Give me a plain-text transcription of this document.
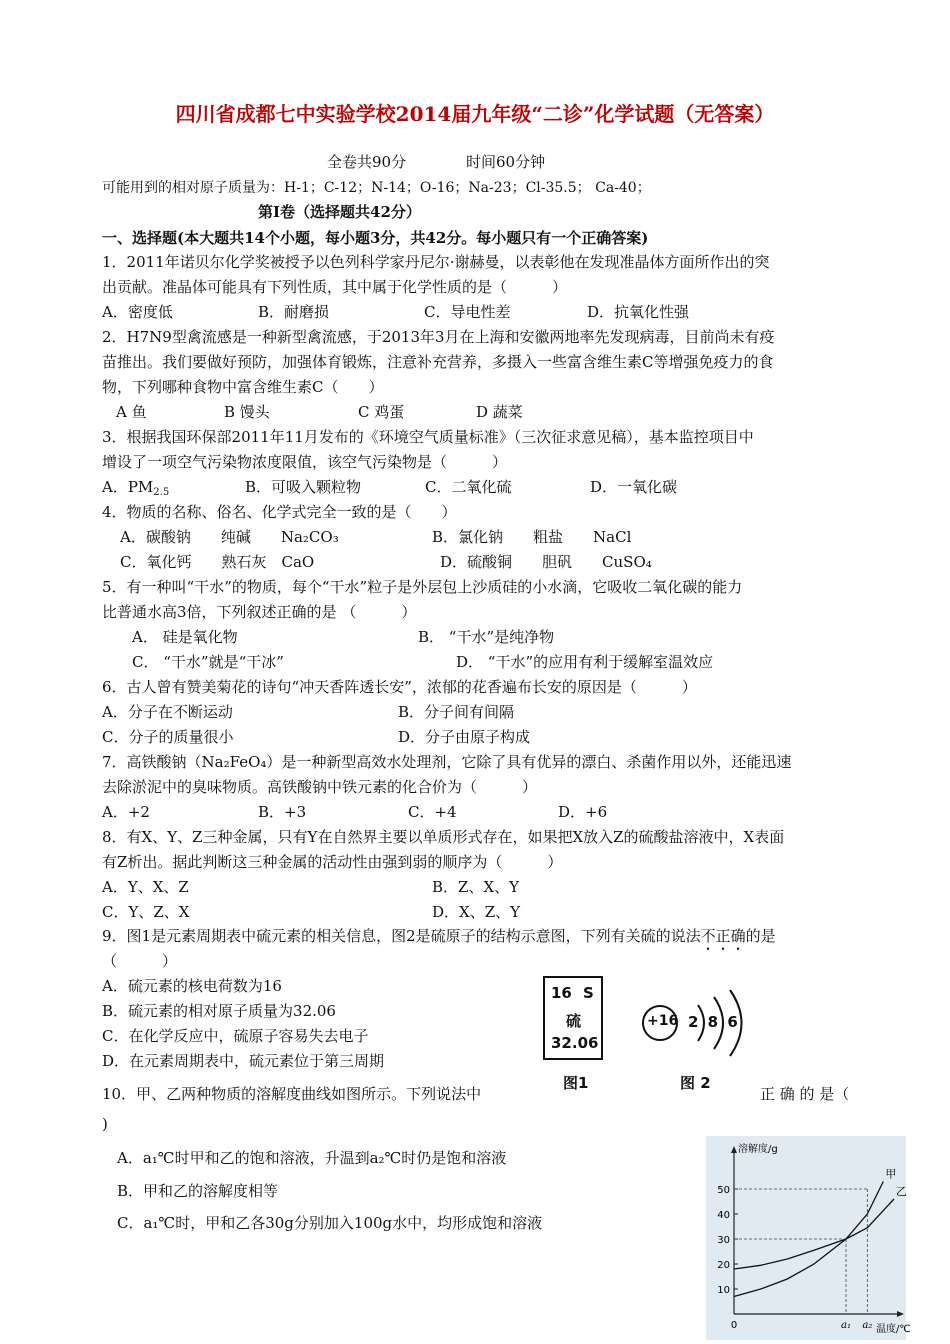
四川省成都七中实验学校2014届九年级“二诊”化学试题（无答案）
全卷共90分	时间60分钟
可能用到的相对原子质量为：H-1；C-12；N-14；O-16；Na-23；Cl-35.5； Ca-40；
第Ⅰ卷（选择题共42分）
一、选择题(本大题共14个小题，每小题3分，共42分。每小题只有一个正确答案)
1．2011年诺贝尔化学奖被授予以色列科学家丹尼尔·谢赫曼，以表彰他在发现准晶体方面所作出的突
出贡献。准晶体可能具有下列性质，其中属于化学性质的是（　　　）
A．密度低	B．耐磨损	C．导电性差	D．抗氧化性强
2．H7N9型禽流感是一种新型禽流感，于2013年3月在上海和安徽两地率先发现病毒，目前尚未有疫
苗推出。我们要做好预防，加强体育锻炼，注意补充营养，多摄入一些富含维生素C等增强免疫力的食
物，下列哪种食物中富含维生素C（　　）
A 鱼	B 馒头	C 鸡蛋	D 蔬菜
3．根据我国环保部2011年11月发布的《环境空气质量标准》（三次征求意见稿），基本监控项目中
增设了一项空气污染物浓度限值，该空气污染物是（　　　）
A．$PM_{2.5}$	B．可吸入颗粒物	C．二氧化硫	D．一氧化碳
4．物质的名称、俗名、化学式完全一致的是（　　）
A．碳酸钠　　纯碱　　Na₂CO₃	B．氯化钠　　粗盐　　NaCl
C．氧化钙　　熟石灰　CaO	D．硫酸铜　　胆矾　　CuSO₄
5．有一种叫“干水”的物质，每个“干水”粒子是外层包上沙质硅的小水滴，它吸收二氧化碳的能力
比普通水高3倍，下列叙述正确的是 （　　　）
A． 硅是氧化物	B． “干水”是纯净物
C． “干水”就是“干冰”	D． “干水”的应用有利于缓解室温效应
6．古人曾有赞美菊花的诗句“冲天香阵透长安”，浓郁的花香遍布长安的原因是（　　　）
A．分子在不断运动	B．分子间有间隔
C．分子的质量很小	D．分子由原子构成
7．高铁酸钠（Na₂FeO₄）是一种新型高效水处理剂，它除了具有优异的漂白、杀菌作用以外，还能迅速
去除淤泥中的臭味物质。高铁酸钠中铁元素的化合价为（　　　）
A．+2	B．+3	C．+4	D．+6
8．有X、Y、Z三种金属，只有Y在自然界主要以单质形式存在，如果把X放入Z的硫酸盐溶液中，X表面
有Z析出。据此判断这三种金属的活动性由强到弱的顺序为（　　　）
A．Y、X、Z	B．Z、X、Y
C．Y、Z、X	D．X、Z、Y
9．图1是元素周期表中硫元素的相关信息，图2是硫原子的结构示意图，下列有关硫的说法不正确的是
（　　　）
A．硫元素的核电荷数为16
B．硫元素的相对原子质量为32.06
C．在化学反应中，硫原子容易失去电子
D．在元素周期表中，硫元素位于第三周期
16 S
硫
32.06
图1
+16 2 8 6
图 2
10．甲、乙两种物质的溶解度曲线如图所示。下列说法中	正 确 的 是（
)
A．a₁℃时甲和乙的饱和溶液，升温到a₂℃时仍是饱和溶液
B．甲和乙的溶解度相等
C．a₁℃时，甲和乙各30g分别加入100g水中，均形成饱和溶液
0
10
20
30
40
50
a₁ a₂
甲
乙
溶解度/g
温度/℃
